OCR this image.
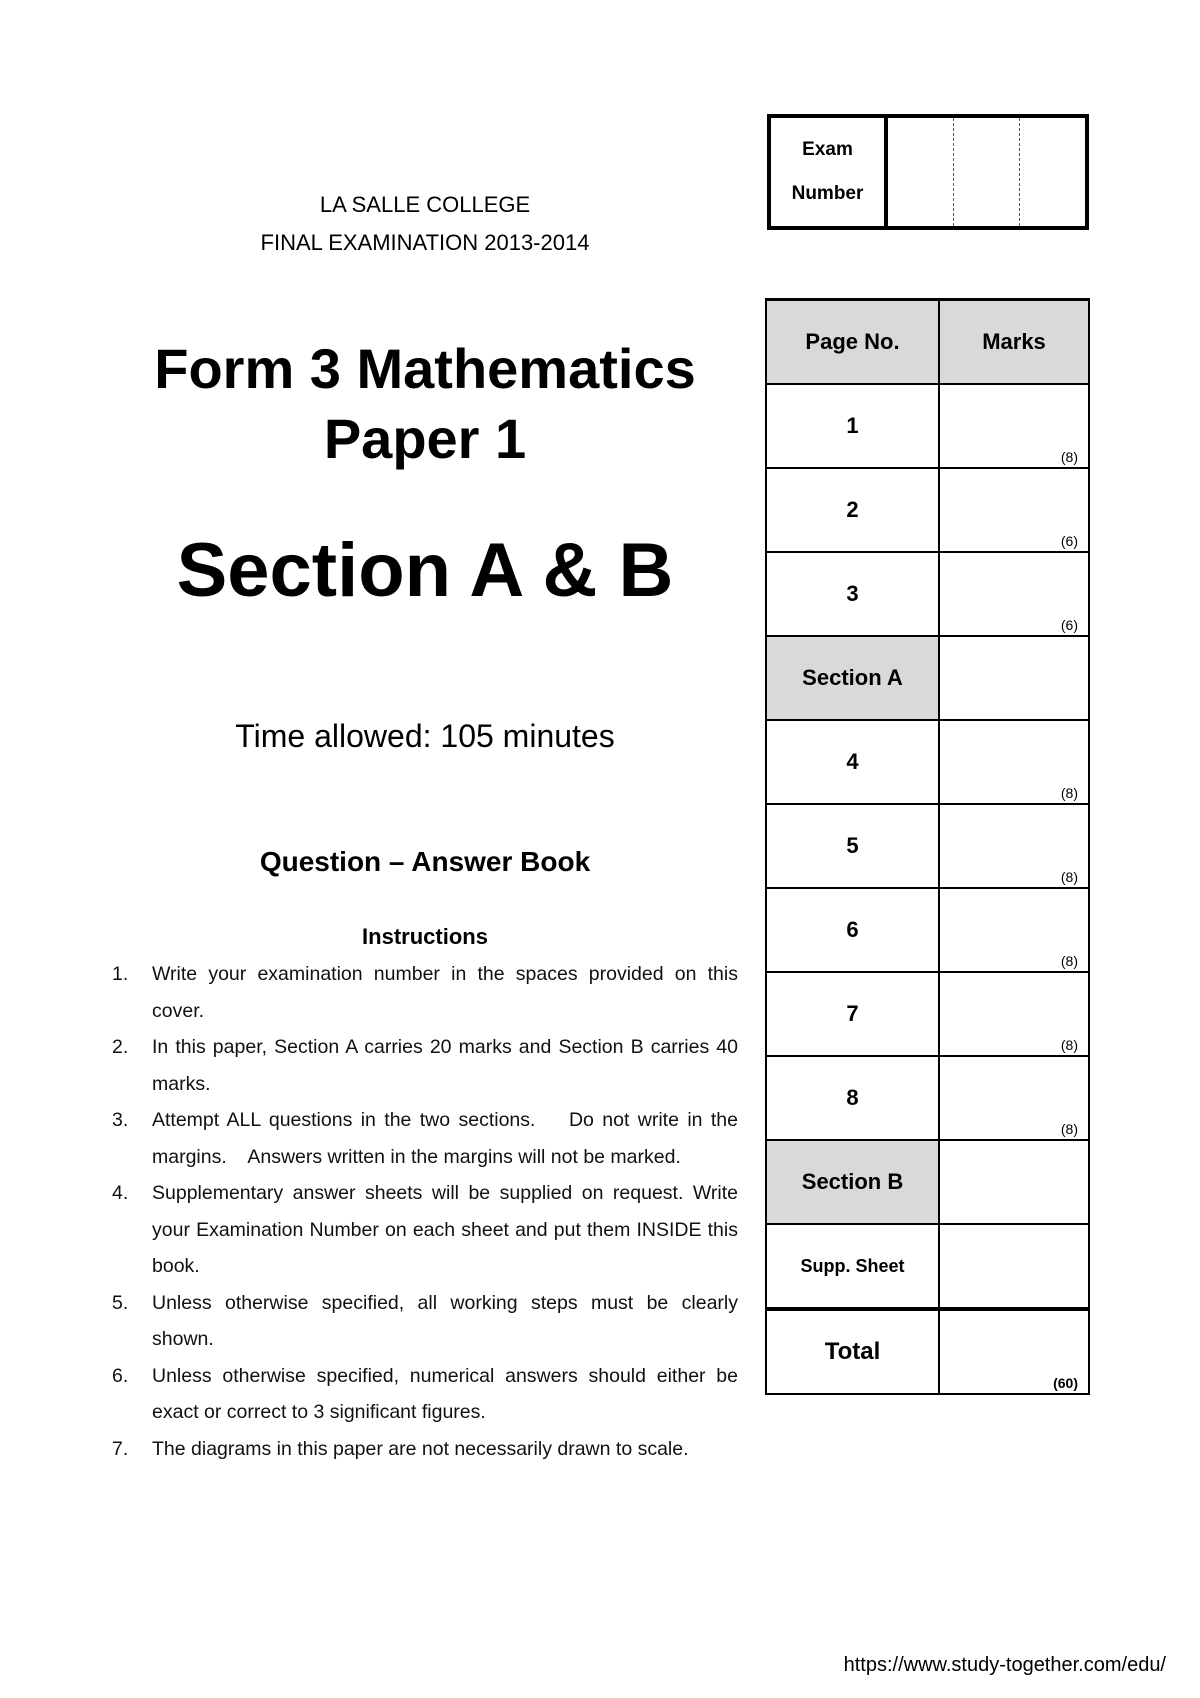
LA SALLE COLLEGE
FINAL EXAMINATION 2013-2014
Form 3 Mathematics
Paper 1
Section A & B
Time allowed: 105 minutes
Question – Answer Book
Instructions
1. Write your examination number in the spaces provided on this cover.
2. In this paper, Section A carries 20 marks and Section B carries 40 marks.
3. Attempt ALL questions in the two sections.    Do not write in the margins.    Answers written in the margins will not be marked.
4. Supplementary answer sheets will be supplied on request. Write your Examination Number on each sheet and put them INSIDE this book.
5. Unless otherwise specified, all working steps must be clearly shown.
6. Unless otherwise specified, numerical answers should either be exact or correct to 3 significant figures.
7. The diagrams in this paper are not necessarily drawn to scale.
Exam
Number
Page No.	Marks
1	(8)

2	(6)

3	(6)

Section A	
4	(8)

5	(8)

6	(8)

7	(8)

8	(8)

Section B	
Supp. Sheet	
Total	(60)
https://www.study-together.com/edu/
